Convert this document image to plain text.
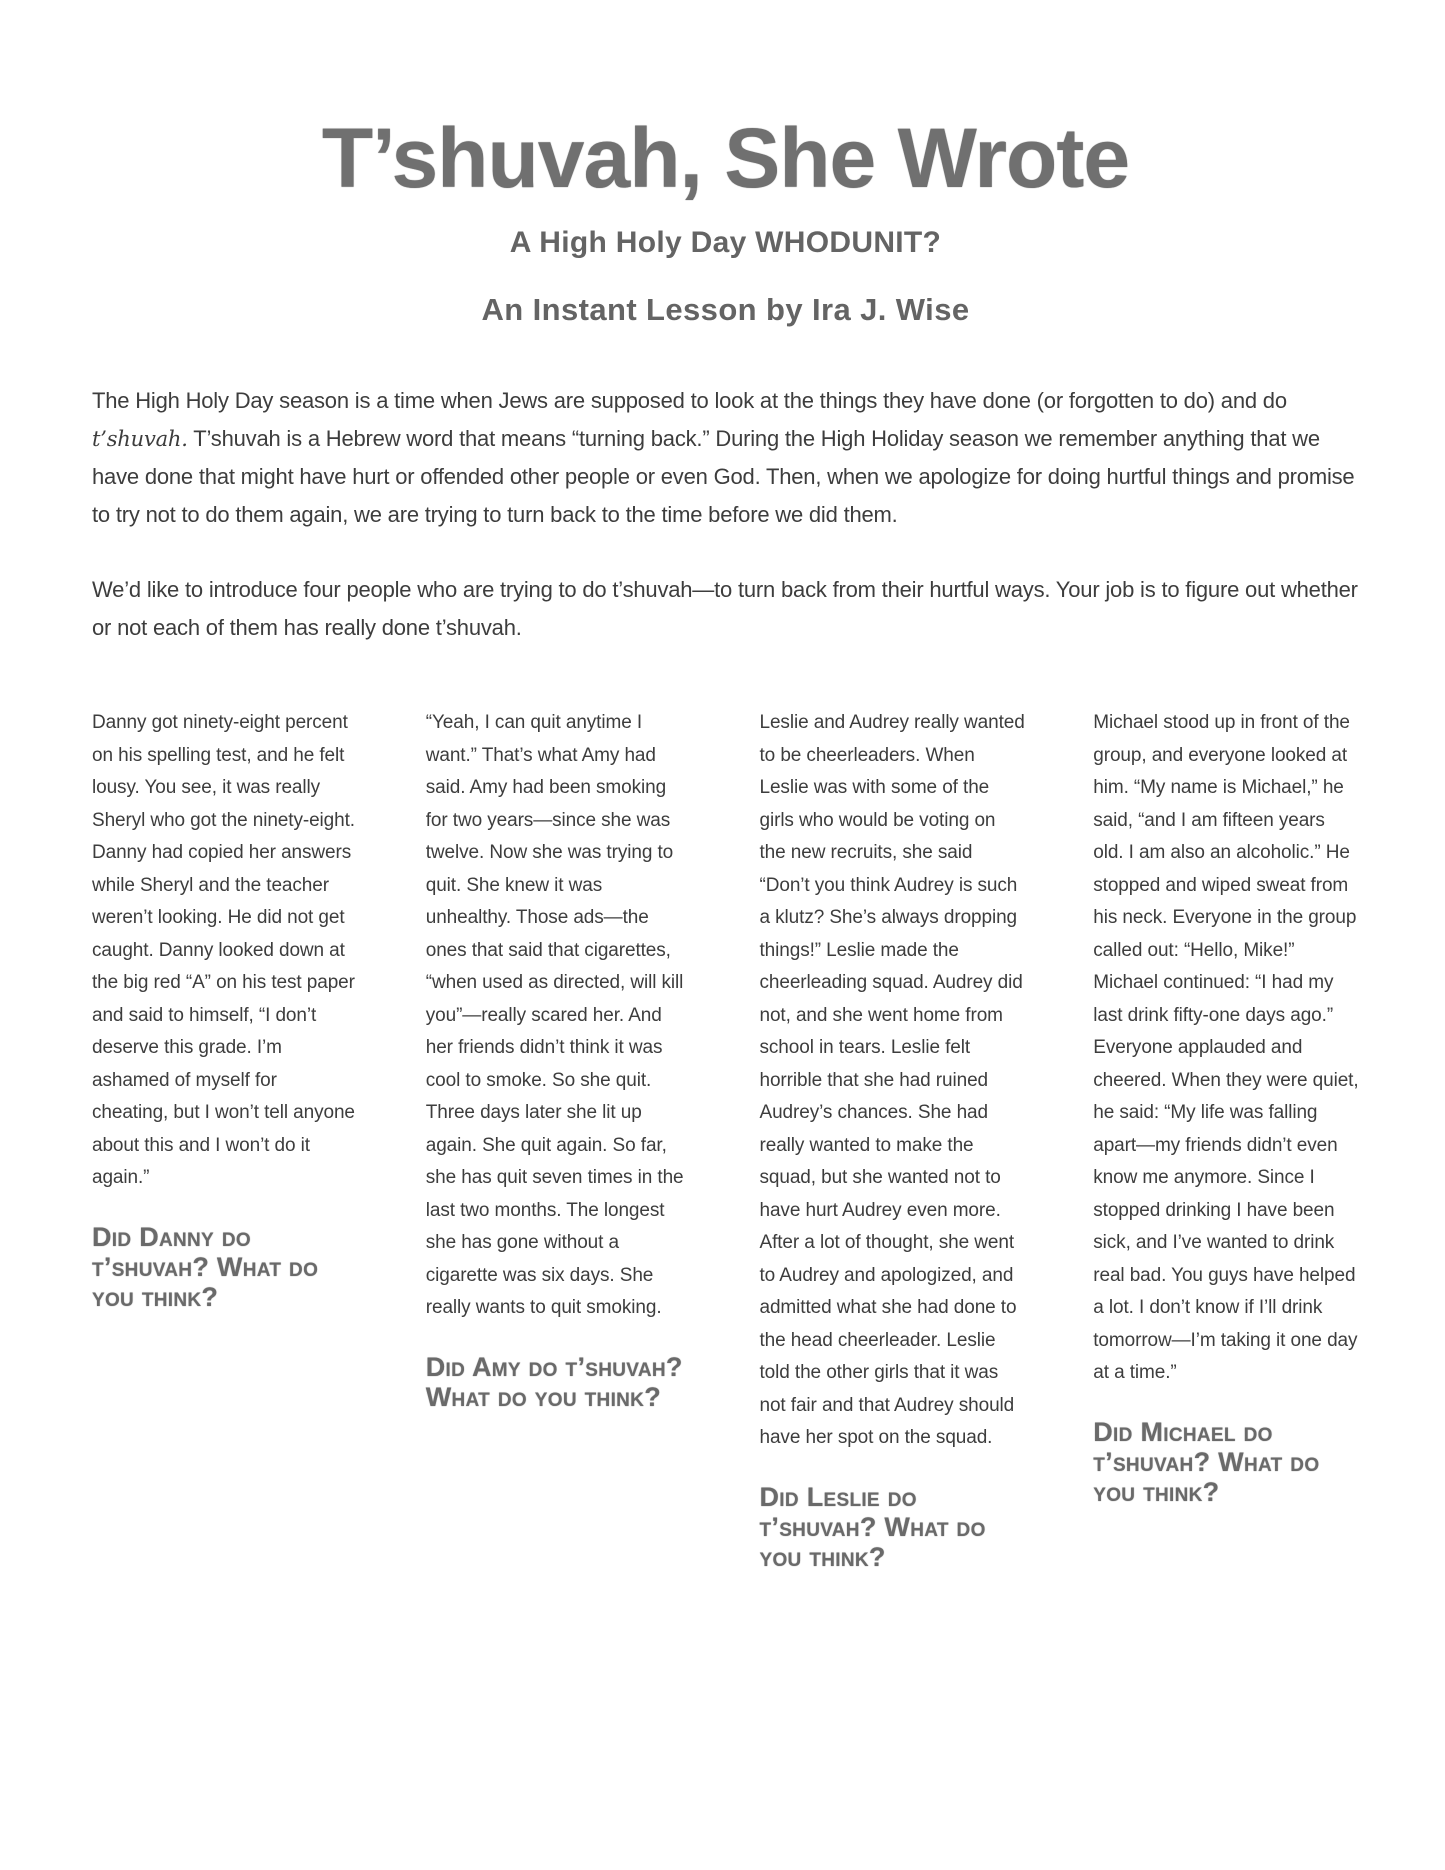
T’shuvah, She Wrote
A High Holy Day WHODUNIT?
An Instant Lesson by Ira J. Wise

The High Holy Day season is a time when Jews are supposed to look at the things they have done (or forgotten to do) and do t’shuvah. T’shuvah is a Hebrew word that means “turning back.” During the High Holiday season we remember anything that we have done that might have hurt or offended other people or even God. Then, when we apologize for doing hurtful things and promise to try not to do them again, we are trying to turn back to the time before we did them.

We’d like to introduce four people who are trying to do t’shuvah—to turn back from their hurtful ways. Your job is to figure out whether or not each of them has really done t’shuvah.

Danny got ninety-eight percent on his spelling test, and he felt lousy. You see, it was really Sheryl who got the ninety-eight. Danny had copied her answers while Sheryl and the teacher weren’t looking. He did not get caught. Danny looked down at the big red “A” on his test paper and said to himself, “I don’t deserve this grade. I’m ashamed of myself for cheating, but I won’t tell anyone about this and I won’t do it again.”

Did Danny do t’shuvah? What do you think?

“Yeah, I can quit anytime I want.” That’s what Amy had said. Amy had been smoking for two years—since she was twelve. Now she was trying to quit. She knew it was unhealthy. Those ads—the ones that said that cigarettes, “when used as directed, will kill you”—really scared her. And her friends didn’t think it was cool to smoke. So she quit. Three days later she lit up again. She quit again. So far, she has quit seven times in the last two months. The longest she has gone without a cigarette was six days. She really wants to quit smoking.

Did Amy do t’shuvah? What do you think?

Leslie and Audrey really wanted to be cheerleaders. When Leslie was with some of the girls who would be voting on the new recruits, she said “Don’t you think Audrey is such a klutz? She’s always dropping things!” Leslie made the cheerleading squad. Audrey did not, and she went home from school in tears. Leslie felt horrible that she had ruined Audrey’s chances. She had really wanted to make the squad, but she wanted not to have hurt Audrey even more. After a lot of thought, she went to Audrey and apologized, and admitted what she had done to the head cheerleader. Leslie told the other girls that it was not fair and that Audrey should have her spot on the squad.

Did Leslie do t’shuvah? What do you think?

Michael stood up in front of the group, and everyone looked at him. “My name is Michael,” he said, “and I am fifteen years old. I am also an alcoholic.” He stopped and wiped sweat from his neck. Everyone in the group called out: “Hello, Mike!” Michael continued: “I had my last drink fifty-one days ago.” Everyone applauded and cheered. When they were quiet, he said: “My life was falling apart—my friends didn’t even know me anymore. Since I stopped drinking I have been sick, and I’ve wanted to drink real bad. You guys have helped a lot. I don’t know if I’ll drink tomorrow—I’m taking it one day at a time.”

Did Michael do t’shuvah? What do you think?
